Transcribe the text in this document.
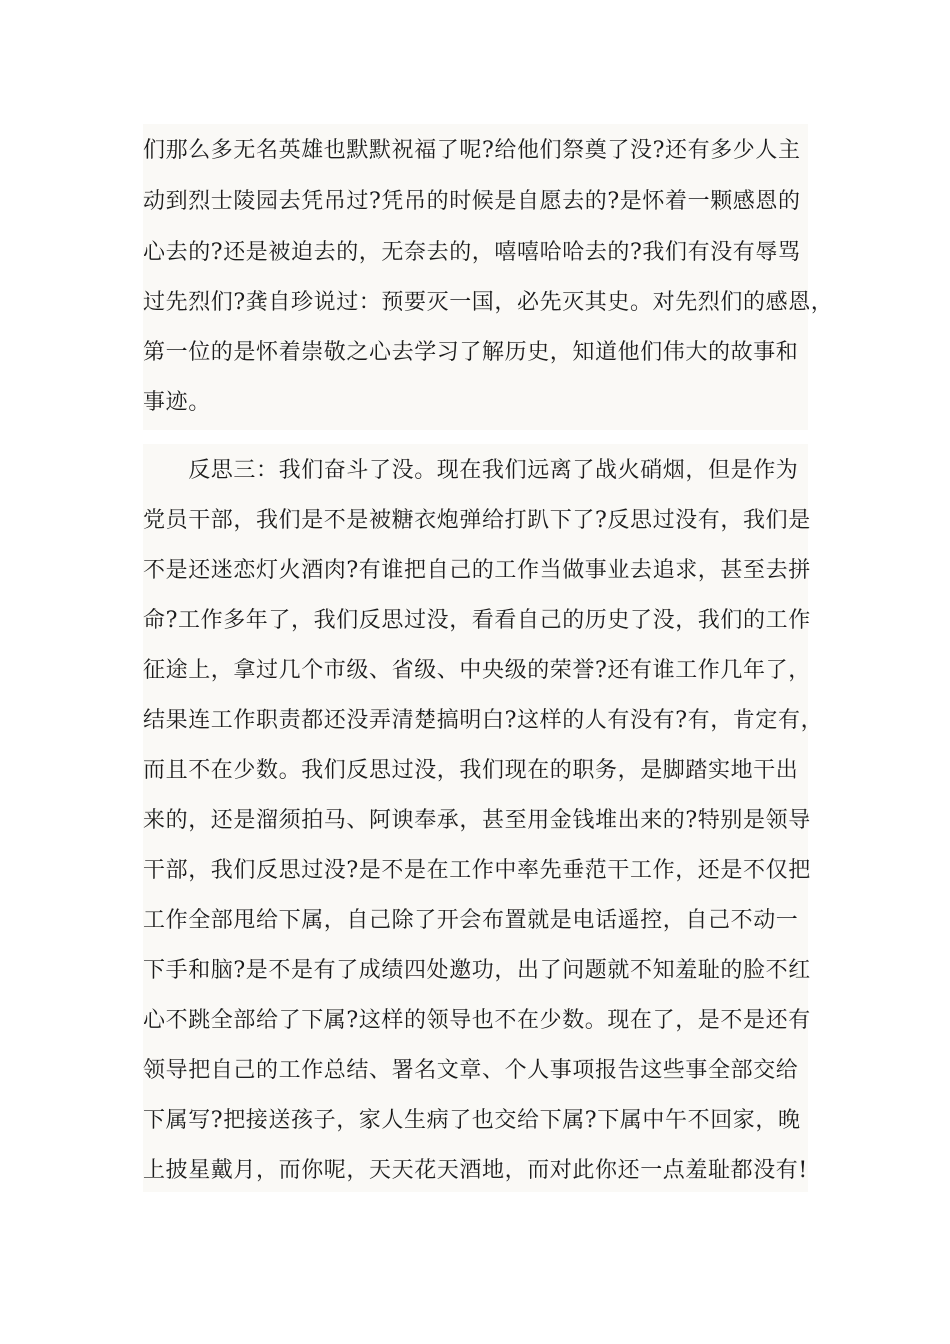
们那么多无名英雄也默默祝福了呢?给他们祭奠了没?还有多少人主
动到烈士陵园去凭吊过?凭吊的时候是自愿去的?是怀着一颗感恩的
心去的?还是被迫去的，无奈去的，嘻嘻哈哈去的?我们有没有辱骂
过先烈们?龚自珍说过：预要灭一国，必先灭其史。对先烈们的感恩，
第一位的是怀着崇敬之心去学习了解历史，知道他们伟大的故事和
事迹。
　　反思三：我们奋斗了没。现在我们远离了战火硝烟，但是作为
党员干部，我们是不是被糖衣炮弹给打趴下了?反思过没有，我们是
不是还迷恋灯火酒肉?有谁把自己的工作当做事业去追求，甚至去拼
命?工作多年了，我们反思过没，看看自己的历史了没，我们的工作
征途上，拿过几个市级、省级、中央级的荣誉?还有谁工作几年了，
结果连工作职责都还没弄清楚搞明白?这样的人有没有?有，肯定有，
而且不在少数。我们反思过没，我们现在的职务，是脚踏实地干出
来的，还是溜须拍马、阿谀奉承，甚至用金钱堆出来的?特别是领导
干部，我们反思过没?是不是在工作中率先垂范干工作，还是不仅把
工作全部甩给下属，自己除了开会布置就是电话遥控，自己不动一
下手和脑?是不是有了成绩四处邀功，出了问题就不知羞耻的脸不红
心不跳全部给了下属?这样的领导也不在少数。现在了，是不是还有
领导把自己的工作总结、署名文章、个人事项报告这些事全部交给
下属写?把接送孩子，家人生病了也交给下属?下属中午不回家，晚
上披星戴月，而你呢，天天花天酒地，而对此你还一点羞耻都没有!
